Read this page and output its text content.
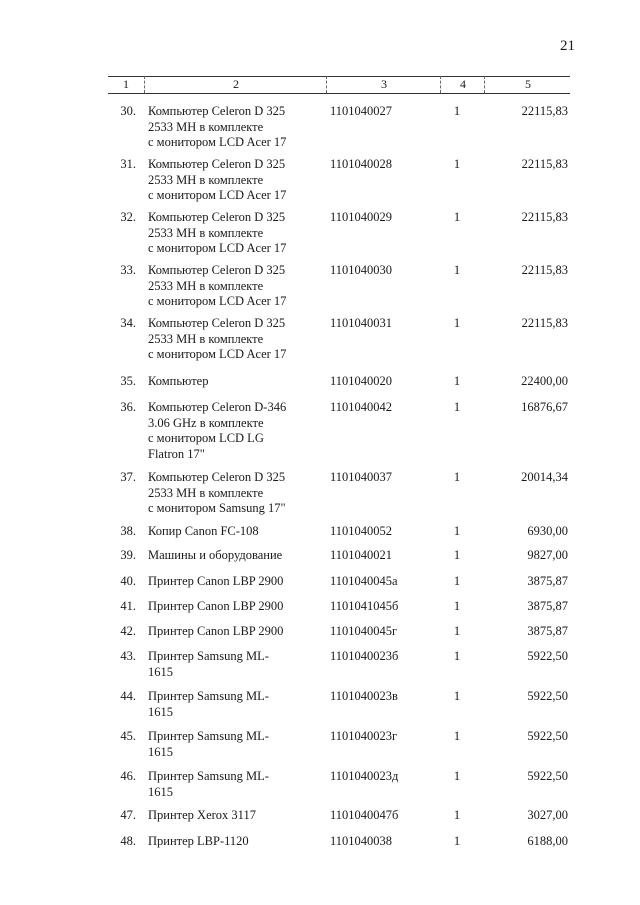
21
1	2	3	4	5
30. Компьютер Celeron D 325
2533 МН в комплекте
с монитором LCD Acer 17
1101040027	1	22115,83
31. Компьютер Celeron D 325
2533 МН в комплекте
с монитором LCD Acer 17
1101040028	1	22115,83
32. Компьютер Celeron D 325
2533 МН в комплекте
с монитором LCD Acer 17
1101040029	1	22115,83
33. Компьютер Celeron D 325
2533 МН в комплекте
с монитором LCD Acer 17
1101040030	1	22115,83
34. Компьютер Celeron D 325
2533 МН в комплекте
с монитором LCD Acer 17
1101040031	1	22115,83
35. Компьютер	1101040020	1	22400,00
36. Компьютер Celeron D-346
3.06 GHz в комплекте
с монитором LCD LG
Flatron 17"
1101040042	1	16876,67
37. Компьютер Celeron D 325
2533 МН в комплекте
с монитором Samsung 17"
1101040037	1	20014,34
38. Копир Canon FC-108	1101040052	1	6930,00
39. Машины и оборудование	1101040021	1	9827,00
40. Принтер Canon LBP 2900	1101040045а	1	3875,87
41. Принтер Canon LBP 2900	1101041045б	1	3875,87
42. Принтер Canon LBP 2900	1101040045г	1	3875,87
43. Принтер Samsung ML-
1615
1101040023б	1	5922,50
44. Принтер Samsung ML-
1615
1101040023в	1	5922,50
45. Принтер Samsung ML-
1615
1101040023г	1	5922,50
46. Принтер Samsung ML-
1615
1101040023д	1	5922,50
47. Принтер Xerox 3117	1101040047б	1	3027,00
48. Принтер LBP-1120	1101040038	1	6188,00
